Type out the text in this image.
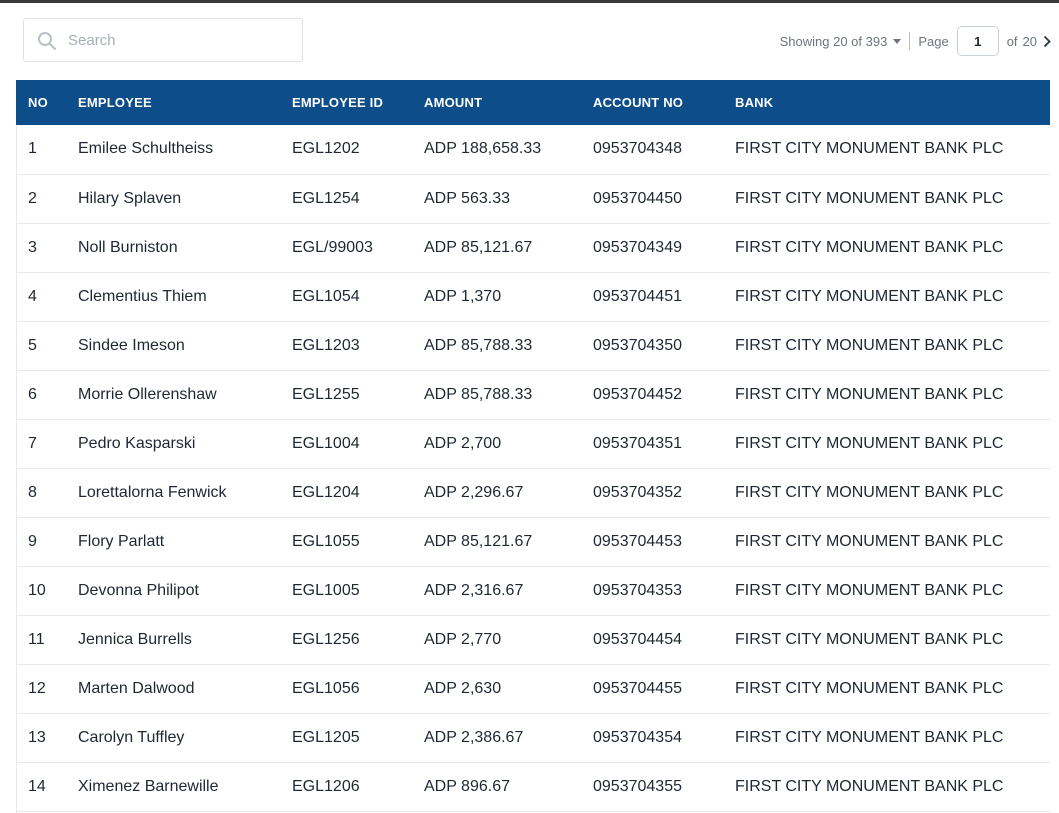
Search
Showing 20 of 393 Page
1	of 20
NO	EMPLOYEE	EMPLOYEE ID	AMOUNT	ACCOUNT NO	BANK
1	Emilee Schultheiss	EGL1202	ADP 188,658.33	0953704348	FIRST CITY MONUMENT BANK PLC
2	Hilary Splaven	EGL1254	ADP 563.33	0953704450	FIRST CITY MONUMENT BANK PLC
3	Noll Burniston	EGL/99003	ADP 85,121.67	0953704349	FIRST CITY MONUMENT BANK PLC
4	Clementius Thiem	EGL1054	ADP 1,370	0953704451	FIRST CITY MONUMENT BANK PLC
5	Sindee Imeson	EGL1203	ADP 85,788.33	0953704350	FIRST CITY MONUMENT BANK PLC
6	Morrie Ollerenshaw	EGL1255	ADP 85,788.33	0953704452	FIRST CITY MONUMENT BANK PLC
7	Pedro Kasparski	EGL1004	ADP 2,700	0953704351	FIRST CITY MONUMENT BANK PLC
8	Lorettalorna Fenwick	EGL1204	ADP 2,296.67	0953704352	FIRST CITY MONUMENT BANK PLC
9	Flory Parlatt	EGL1055	ADP 85,121.67	0953704453	FIRST CITY MONUMENT BANK PLC
10	Devonna Philipot	EGL1005	ADP 2,316.67	0953704353	FIRST CITY MONUMENT BANK PLC
11	Jennica Burrells	EGL1256	ADP 2,770	0953704454	FIRST CITY MONUMENT BANK PLC
12	Marten Dalwood	EGL1056	ADP 2,630	0953704455	FIRST CITY MONUMENT BANK PLC
13	Carolyn Tuffley	EGL1205	ADP 2,386.67	0953704354	FIRST CITY MONUMENT BANK PLC
14	Ximenez Barnewille	EGL1206	ADP 896.67	0953704355	FIRST CITY MONUMENT BANK PLC
